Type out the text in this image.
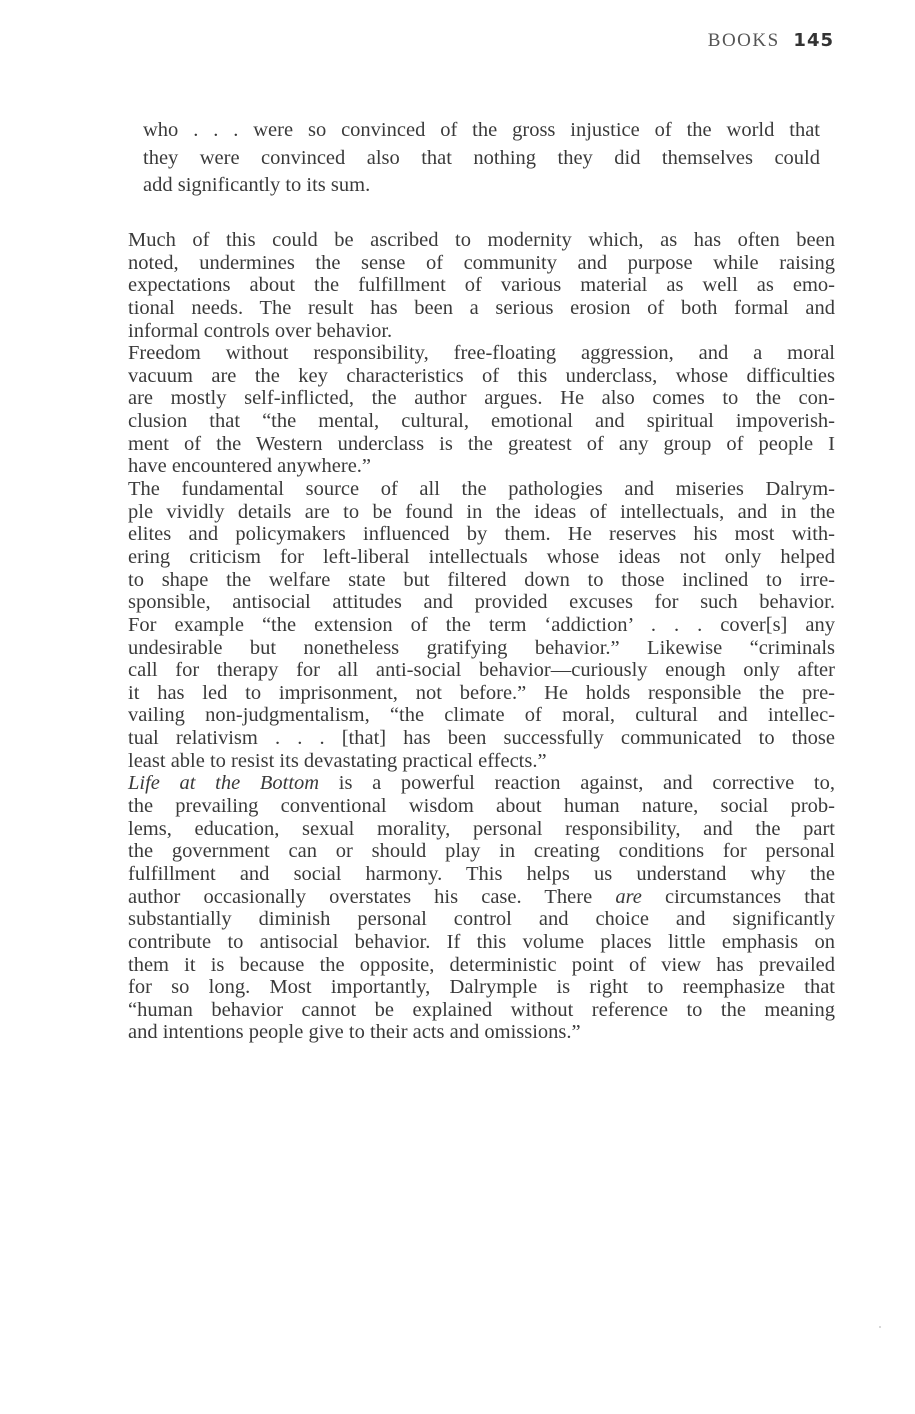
BOOKS 145
who . . . were so convinced of the gross injustice of the world that
they were convinced also that nothing they did themselves could
add significantly to its sum.

Much of this could be ascribed to modernity which, as has often been
noted, undermines the sense of community and purpose while raising
expectations about the fulfillment of various material as well as emo-
tional needs. The result has been a serious erosion of both formal and
informal controls over behavior.

Freedom without responsibility, free-floating aggression, and a moral
vacuum are the key characteristics of this underclass, whose difficulties
are mostly self-inflicted, the author argues. He also comes to the con-
clusion that “the mental, cultural, emotional and spiritual impoverish-
ment of the Western underclass is the greatest of any group of people I
have encountered anywhere.”

The fundamental source of all the pathologies and miseries Dalrym-
ple vividly details are to be found in the ideas of intellectuals, and in the
elites and policymakers influenced by them. He reserves his most with-
ering criticism for left-liberal intellectuals whose ideas not only helped
to shape the welfare state but filtered down to those inclined to irre-
sponsible, antisocial attitudes and provided excuses for such behavior.
For example “the extension of the term ‘addiction’ . . . cover[s] any
undesirable but nonetheless gratifying behavior.” Likewise “criminals
call for therapy for all anti-social behavior—curiously enough only after
it has led to imprisonment, not before.” He holds responsible the pre-
vailing non-judgmentalism, “the climate of moral, cultural and intellec-
tual relativism . . . [that] has been successfully communicated to those
least able to resist its devastating practical effects.”

Life at the Bottom is a powerful reaction against, and corrective to,
the prevailing conventional wisdom about human nature, social prob-
lems, education, sexual morality, personal responsibility, and the part
the government can or should play in creating conditions for personal
fulfillment and social harmony. This helps us understand why the
author occasionally overstates his case. There are circumstances that
substantially diminish personal control and choice and significantly
contribute to antisocial behavior. If this volume places little emphasis on
them it is because the opposite, deterministic point of view has prevailed
for so long. Most importantly, Dalrymple is right to reemphasize that
“human behavior cannot be explained without reference to the meaning
and intentions people give to their acts and omissions.”
